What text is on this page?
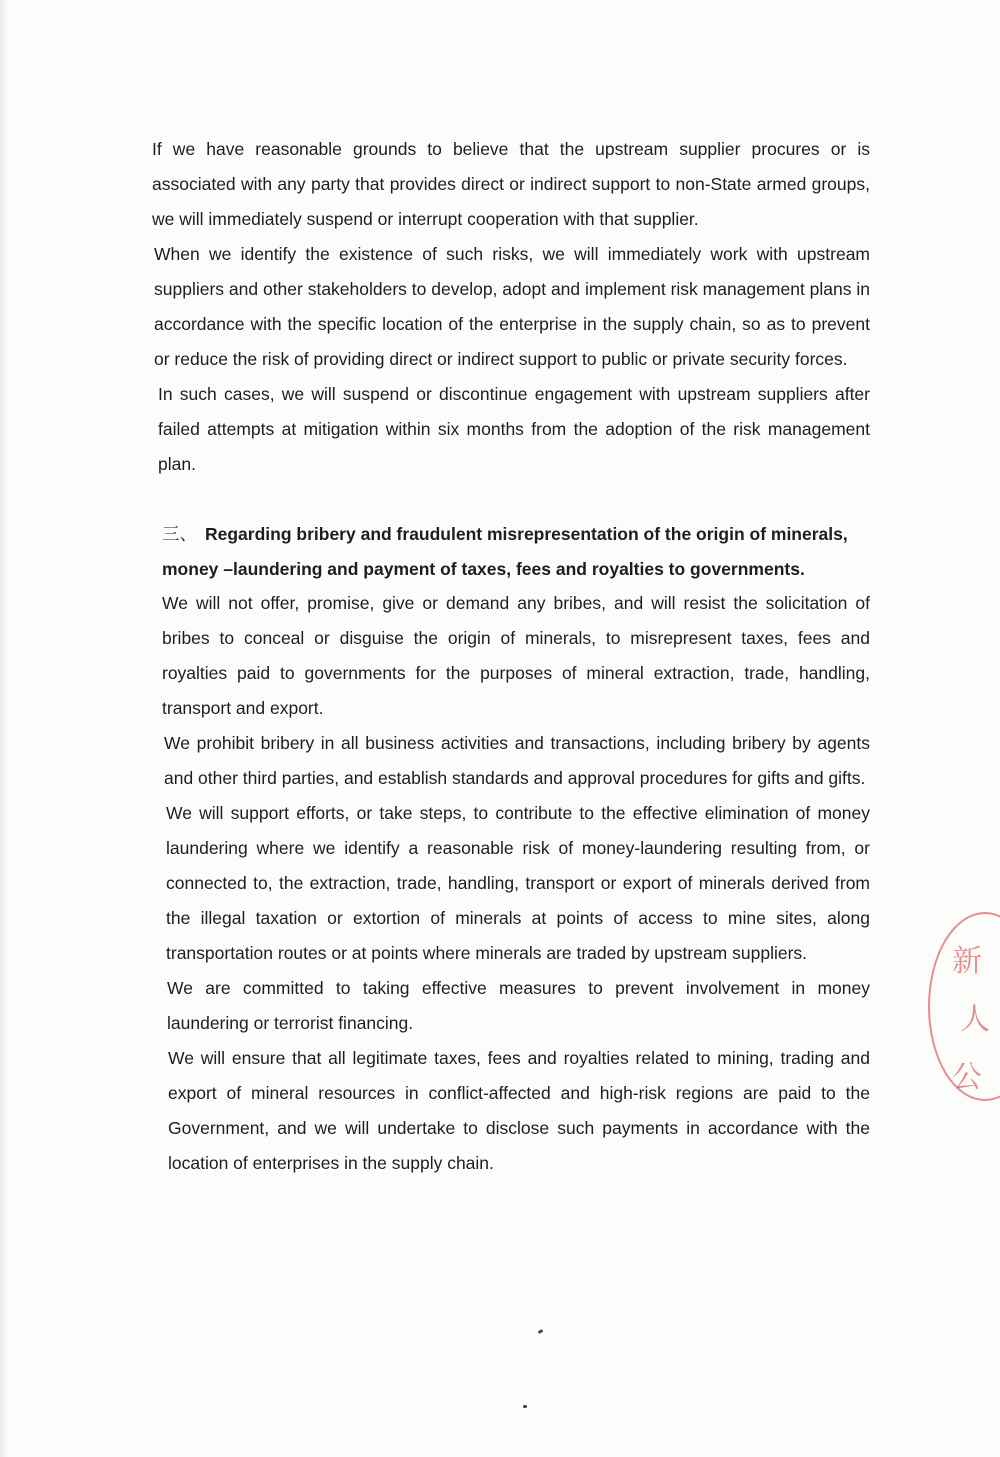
If we have reasonable grounds to believe that the upstream supplier procures or is associated with any party that provides direct or indirect support to non-State armed groups, we will immediately suspend or interrupt cooperation with that supplier.

When we identify the existence of such risks, we will immediately work with upstream suppliers and other stakeholders to develop, adopt and implement risk management plans in accordance with the specific location of the enterprise in the supply chain, so as to prevent or reduce the risk of providing direct or indirect support to public or private security forces.

In such cases, we will suspend or discontinue engagement with upstream suppliers after failed attempts at mitigation within six months from the adoption of the risk management plan.

三、 Regarding bribery and fraudulent misrepresentation of the origin of minerals, money –laundering and payment of taxes, fees and royalties to governments.

We will not offer, promise, give or demand any bribes, and will resist the solicitation of bribes to conceal or disguise the origin of minerals, to misrepresent taxes, fees and royalties paid to governments for the purposes of mineral extraction, trade, handling, transport and export.

We prohibit bribery in all business activities and transactions, including bribery by agents and other third parties, and establish standards and approval procedures for gifts and gifts.

We will support efforts, or take steps, to contribute to the effective elimination of money laundering where we identify a reasonable risk of money-laundering resulting from, or connected to, the extraction, trade, handling, transport or export of minerals derived from the illegal taxation or extortion of minerals at points of access to mine sites, along transportation routes or at points where minerals are traded by upstream suppliers.

We are committed to taking effective measures to prevent involvement in money laundering or terrorist financing.

We will ensure that all legitimate taxes, fees and royalties related to mining, trading and export of mineral resources in conflict-affected and high-risk regions are paid to the Government, and we will undertake to disclose such payments in accordance with the location of enterprises in the supply chain.

新
人
公
